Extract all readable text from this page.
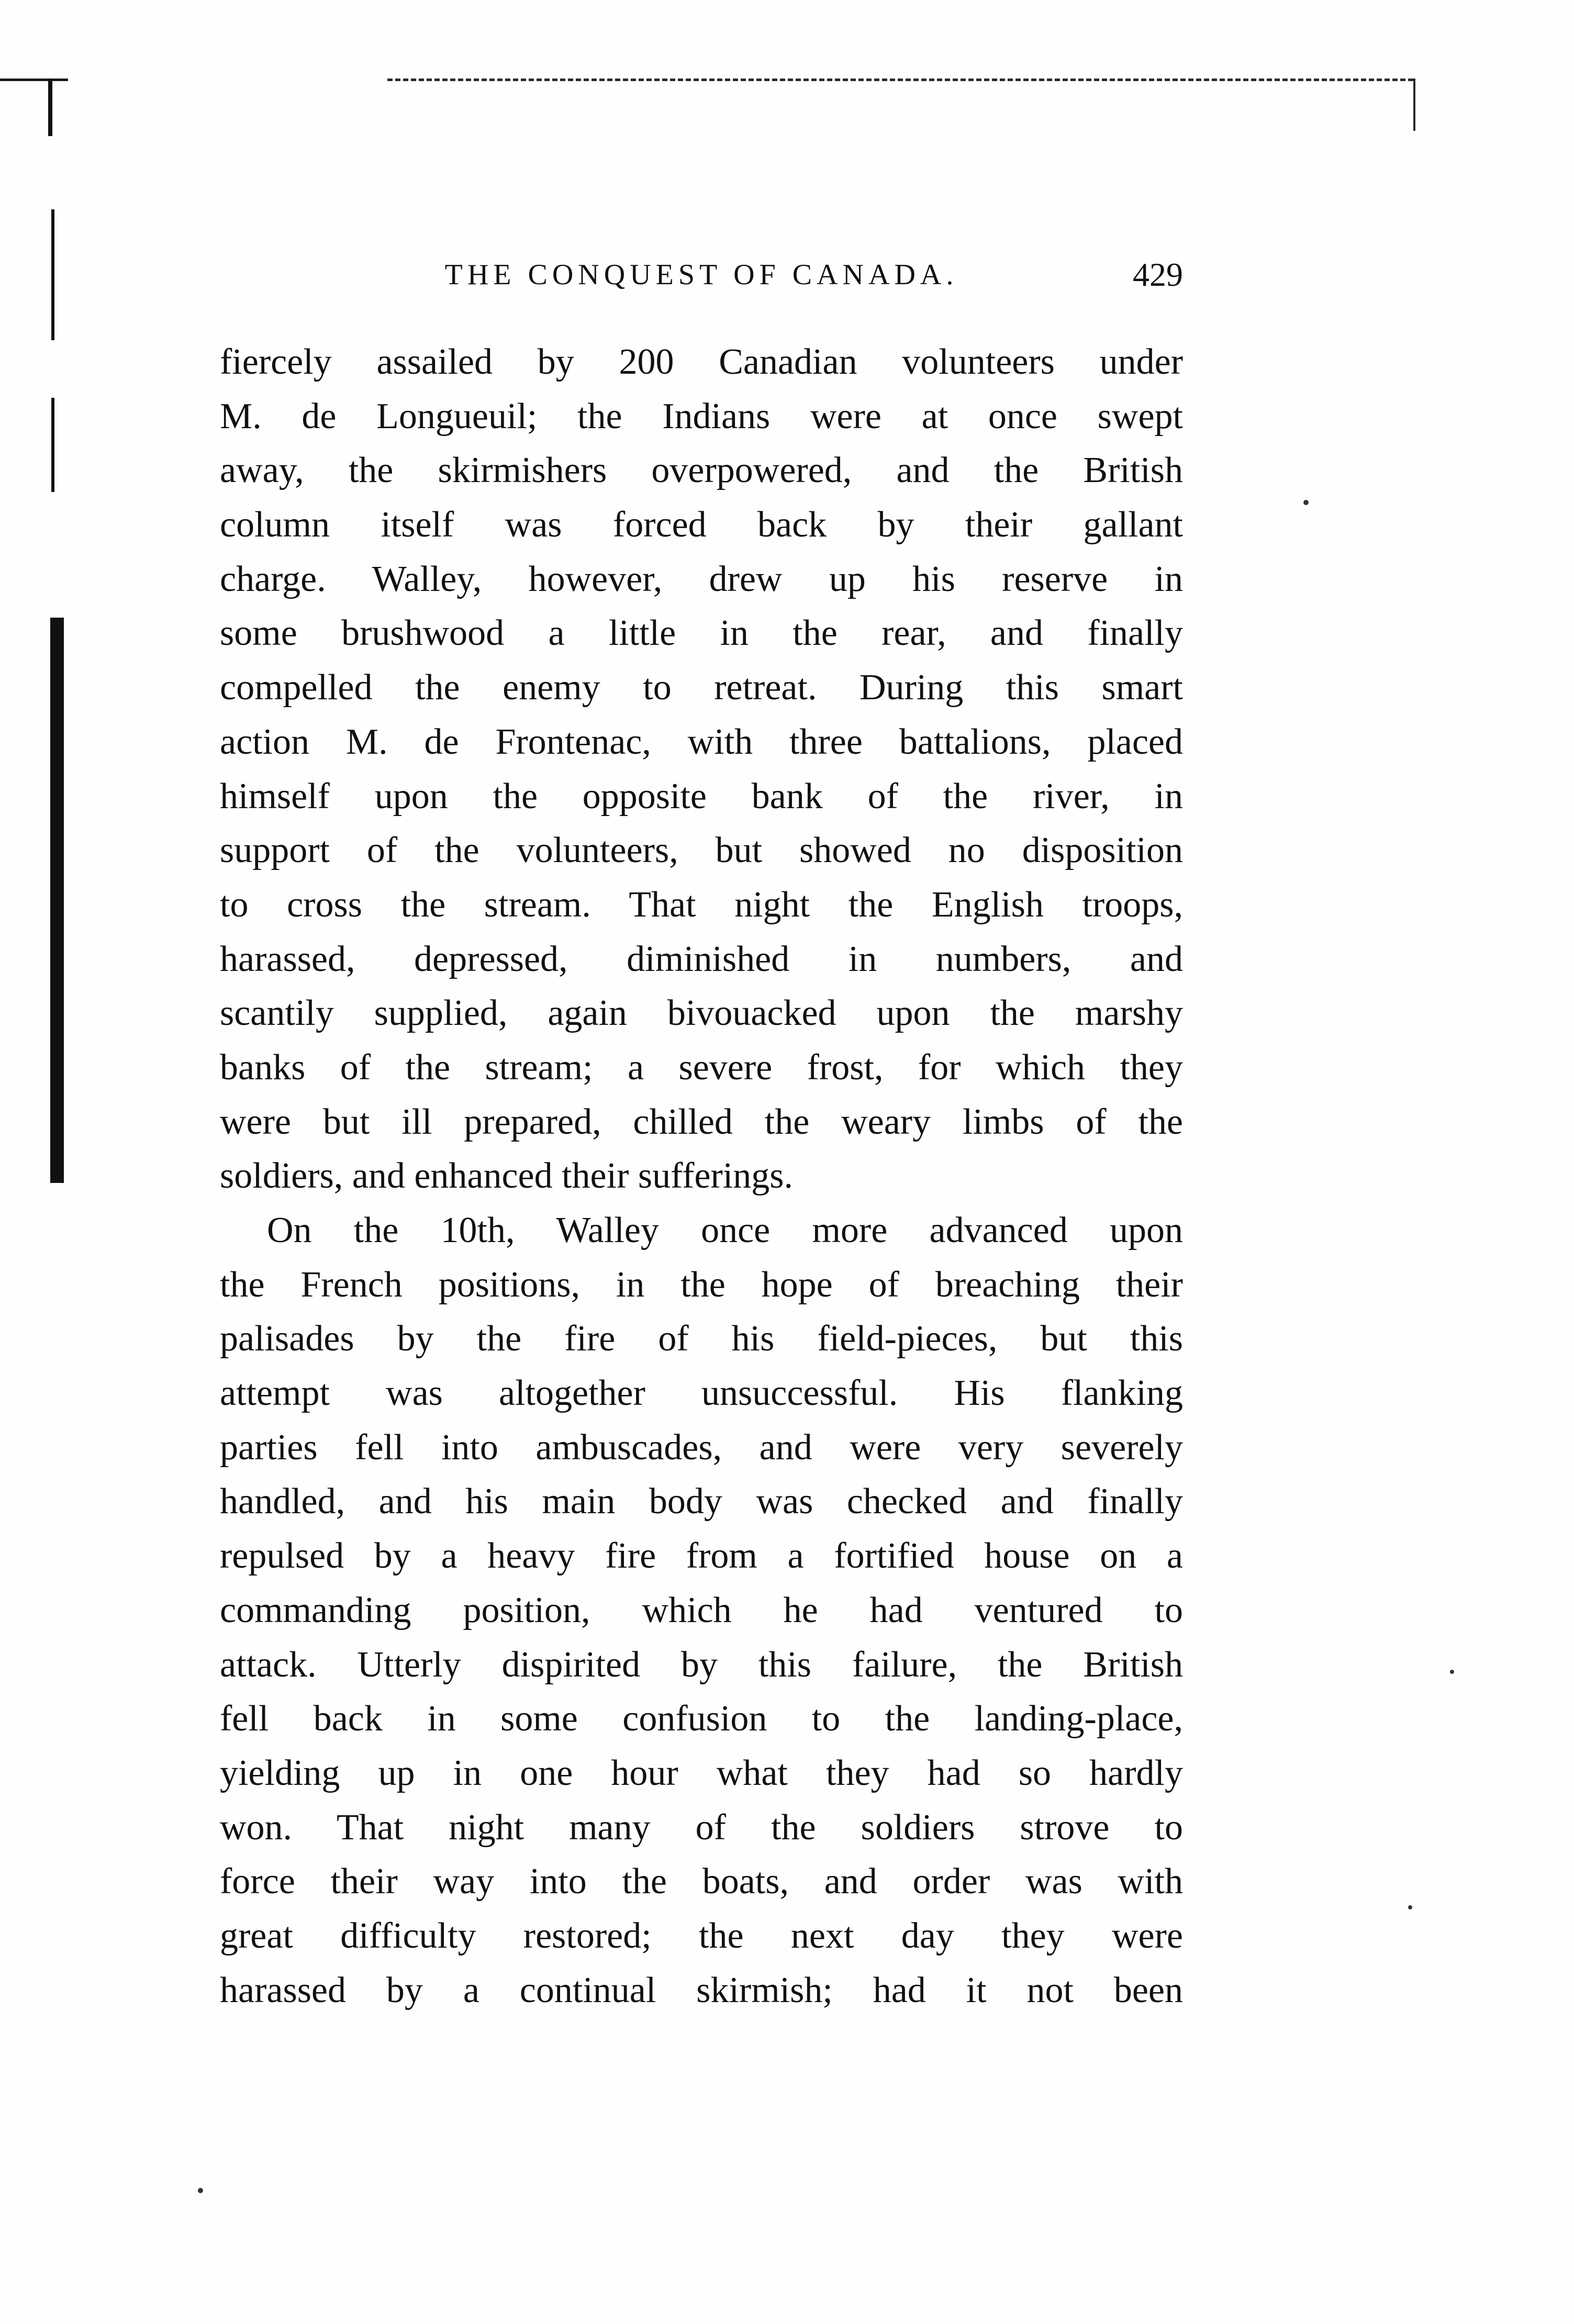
THE CONQUEST OF CANADA.	429
fiercely assailed by 200 Canadian volunteers under
M. de Longueuil; the Indians were at once swept
away, the skirmishers overpowered, and the British
column itself was forced back by their gallant
charge. Walley, however, drew up his reserve in
some brushwood a little in the rear, and finally
compelled the enemy to retreat. During this smart
action M. de Frontenac, with three battalions, placed
himself upon the opposite bank of the river, in
support of the volunteers, but showed no disposition
to cross the stream. That night the English troops,
harassed, depressed, diminished in numbers, and
scantily supplied, again bivouacked upon the marshy
banks of the stream; a severe frost, for which they
were but ill prepared, chilled the weary limbs of the
soldiers, and enhanced their sufferings.
On the 10th, Walley once more advanced upon
the French positions, in the hope of breaching their
palisades by the fire of his field-pieces, but this
attempt was altogether unsuccessful. His flanking
parties fell into ambuscades, and were very severely
handled, and his main body was checked and finally
repulsed by a heavy fire from a fortified house on a
commanding position, which he had ventured to
attack. Utterly dispirited by this failure, the British
fell back in some confusion to the landing-place,
yielding up in one hour what they had so hardly
won. That night many of the soldiers strove to
force their way into the boats, and order was with
great difficulty restored; the next day they were
harassed by a continual skirmish; had it not been
